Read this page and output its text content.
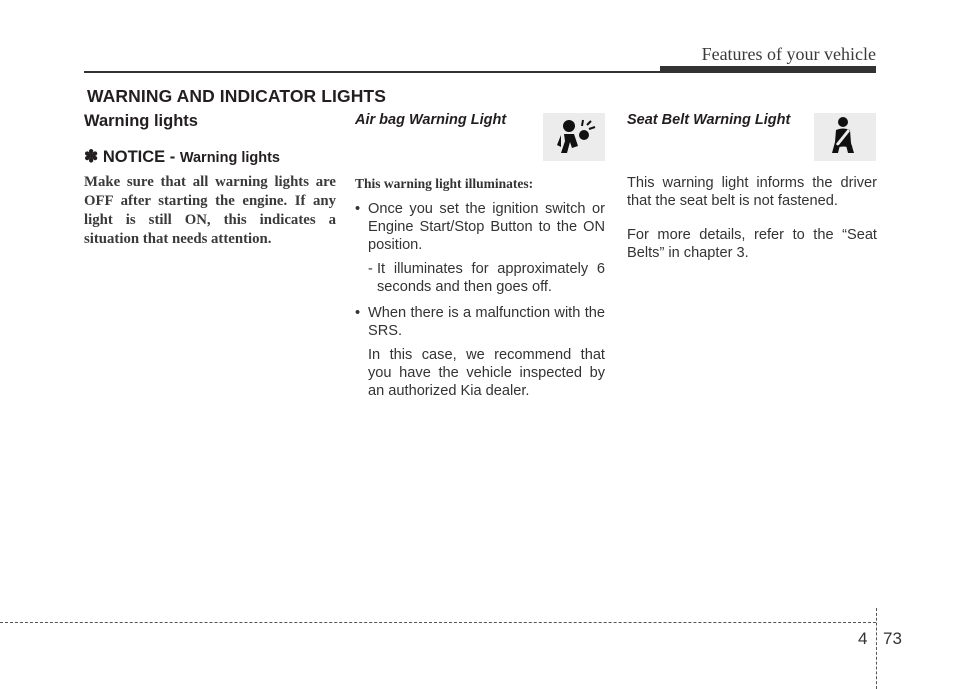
Features of your vehicle
WARNING AND INDICATOR LIGHTS
Warning lights
✽ NOTICE - Warning lights
Make sure that all warning lights are OFF after starting the engine. If any light is still ON, this indicates a situation that needs attention.
Air bag Warning Light
This warning light illuminates:
• Once you set the ignition switch or Engine Start/Stop Button to the ON position.
- It illuminates for approximately 6 seconds and then goes off.
• When there is a malfunction with the SRS.
In this case, we recommend that you have the vehicle inspected by an authorized Kia dealer.
Seat Belt Warning Light
This warning light informs the driver that the seat belt is not fastened.
For more details, refer to the “Seat Belts” in chapter 3.
4 73
